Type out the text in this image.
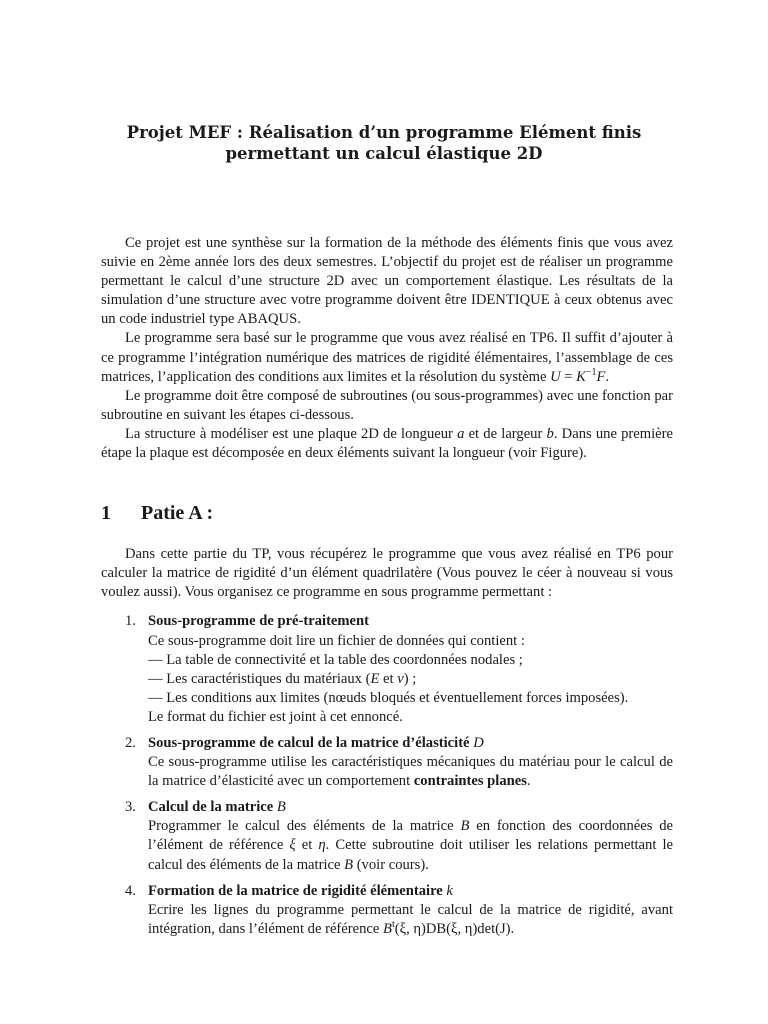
Projet MEF : Réalisation d’un programme Elément finis
permettant un calcul élastique 2D

Ce projet est une synthèse sur la formation de la méthode des éléments finis que vous avez suivie en 2ème année lors des deux semestres. L’objectif du projet est de réaliser un programme permettant le calcul d’une structure 2D avec un comportement élastique. Les résultats de la simulation d’une structure avec votre programme doivent être IDENTIQUE à ceux obtenus avec un code industriel type ABAQUS.

Le programme sera basé sur le programme que vous avez réalisé en TP6. Il suffit d’ajouter à ce programme l’intégration numérique des matrices de rigidité élémentaires, l’assemblage de ces matrices, l’application des conditions aux limites et la résolution du système $U = K^{-1}F$.

Le programme doit être composé de subroutines (ou sous-programmes) avec une fonction par subroutine en suivant les étapes ci-dessous.

La structure à modéliser est une plaque 2D de longueur a et de largeur b. Dans une première étape la plaque est décomposée en deux éléments suivant la longueur (voir Figure).

1 Patie A :

Dans cette partie du TP, vous récupérez le programme que vous avez réalisé en TP6 pour calculer la matrice de rigidité d’un élément quadrilatère (Vous pouvez le céer à nouveau si vous voulez aussi). Vous organisez ce programme en sous programme permettant :

1. Sous-programme de pré-traitement
Ce sous-programme doit lire un fichier de données qui contient :
— La table de connectivité et la table des coordonnées nodales ;
— Les caractéristiques du matériaux (E et ν) ;
— Les conditions aux limites (nœuds bloqués et éventuellement forces imposées).
Le format du fichier est joint à cet ennoncé.
2. Sous-programme de calcul de la matrice d’élasticité D
Ce sous-programme utilise les caractéristiques mécaniques du matériau pour le calcul de la matrice d’élasticité avec un comportement contraintes planes.
3. Calcul de la matrice B
Programmer le calcul des éléments de la matrice B en fonction des coordonnées de l’élément de référence ξ et η. Cette subroutine doit utiliser les relations permettant le calcul des éléments de la matrice B (voir cours).
4. Formation de la matrice de rigidité élémentaire k
Ecrire les lignes du programme permettant le calcul de la matrice de rigidité, avant intégration, dans l’élément de référence $B^t(\xi$, η)DB(ξ, η)det(J).
